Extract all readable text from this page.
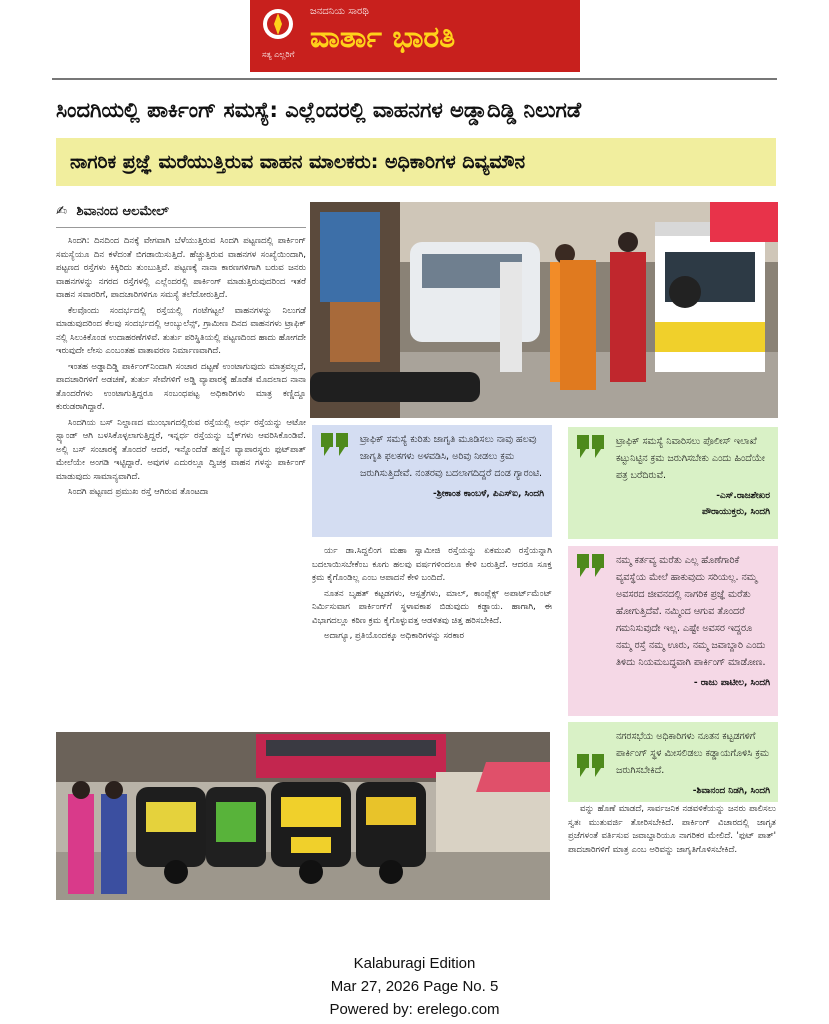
ಸತ್ಯ ಎಲ್ಲರಿಗೆ
ಜನದನಿಯ ಸಾರಥಿ
ವಾರ್ತಾ ಭಾರತಿ
ಸಿಂದಗಿಯಲ್ಲಿ ಪಾರ್ಕಿಂಗ್ ಸಮಸ್ಯೆ: ಎಲ್ಲೆಂದರಲ್ಲಿ ವಾಹನಗಳ ಅಡ್ಡಾದಿಡ್ಡಿ ನಿಲುಗಡೆ
ನಾಗರಿಕ ಪ್ರಜ್ಞೆ ಮರೆಯುತ್ತಿರುವ ವಾಹನ ಮಾಲಕರು: ಅಧಿಕಾರಿಗಳ ದಿವ್ಯಮೌನ
✍ ಶಿವಾನಂದ ಆಲಮೇಲ್

ಸಿಂದಗಿ: ದಿನದಿಂದ ದಿನಕ್ಕೆ ವೇಗವಾಗಿ ಬೆಳೆಯುತ್ತಿರುವ ಸಿಂದಗಿ ಪಟ್ಟಣದಲ್ಲಿ ಪಾರ್ಕಿಂಗ್ ಸಮಸ್ಯೆಯೂ ದಿನ ಕಳೆದಂತೆ ಬಿಗಡಾಯಿಸುತ್ತಿದೆ. ಹೆಚ್ಚುತ್ತಿರುವ ವಾಹನಗಳ ಸಂಖ್ಯೆಯಿಂದಾಗಿ, ಪಟ್ಟಣದ ರಸ್ತೆಗಳು ಕಿಕ್ಕಿರಿದು ತುಂಬುತ್ತಿವೆ. ಪಟ್ಟಣಕ್ಕೆ ನಾನಾ ಕಾರಣಗಳಿಗಾಗಿ ಬರುವ ಜನರು ವಾಹನಗಳನ್ನು ನಗರದ ರಸ್ತೆಗಳಲ್ಲಿ ಎಲ್ಲೆಂದರಲ್ಲಿ ಪಾರ್ಕಿಂಗ್ ಮಾಡುತ್ತಿರುವುದರಿಂದ ಇತರೆ ವಾಹನ ಸವಾರರಿಗೆ, ಪಾದಚಾರಿಗಳಿಗೂ ಸಮಸ್ಯೆ ತಲೆದೋರುತ್ತಿದೆ.

ಕೆಲವೊಂದು ಸಂದರ್ಭದಲ್ಲಿ ರಸ್ತೆಯಲ್ಲಿ ಗಂಟೆಗಟ್ಟಲೆ ವಾಹನಗಳನ್ನು ನಿಲುಗಡೆ ಮಾಡುವುದರಿಂದ ಕೆಲವು ಸಂದರ್ಭದಲ್ಲಿ ಆಂಬ್ಯುಲೆನ್ಸ್, ಗ್ರಾಮೀಣ ದಿನದ ವಾಹನಗಳು ಟ್ರಾಫಿಕ್ ನಲ್ಲಿ ಸಿಲುಕಿಕೊಂಡ ಉದಾಹರಣೆಗಳಿವೆ. ತುರ್ತು ಪರಿಸ್ಥಿತಿಯಲ್ಲಿ ಪಟ್ಟಣದಿಂದ ಹಾದು ಹೋಗದೇ ಇರುವುದೇ ಲೇಸು ಎಂಬಂತಹ ವಾತಾವರಣ ನಿರ್ಮಾಣವಾಗಿದೆ.

ಇಂತಹ ಅಡ್ಡಾದಿಡ್ಡಿ ಪಾರ್ಕಿಂಗ್‌ನಿಂದಾಗಿ ಸಂಚಾರ ದಟ್ಟಣೆ ಉಂಟಾಗುವುದು ಮಾತ್ರವಲ್ಲದೆ, ಪಾದಚಾರಿಗಳಿಗೆ ಅಡಚಣೆ, ತುರ್ತು ಸೇವೆಗಳಿಗೆ ಅಡ್ಡಿ ವ್ಯಾಪಾರಕ್ಕೆ ಹೊಡೆತ ಮೊದಲಾದ ನಾನಾ ತೊಂದರೆಗಳು ಉಂಟಾಗುತ್ತಿದ್ದರೂ ಸಂಬಂಧಪಟ್ಟ ಅಧಿಕಾರಿಗಳು ಮಾತ್ರ ಕಣ್ಣಿದ್ದೂ ಕುರುಡರಾಗಿದ್ದಾರೆ.

ಸಿಂದಗಿಯ ಬಸ್ ನಿಲ್ದಾಣದ ಮುಂಭಾಗದಲ್ಲಿರುವ ರಸ್ತೆಯಲ್ಲಿ ಅರ್ಧ ರಸ್ತೆಯನ್ನು ಆಟೋ ಸ್ಟ್ಯಾಂಡ್ ಆಗಿ ಬಳಸಿಕೊಳ್ಳಲಾಗುತ್ತಿದ್ದರೆ, ಇನ್ನರ್ಧ ರಸ್ತೆಯನ್ನು ಬೈಕ್‌ಗಳು ಆವರಿಸಿಕೊಂಡಿವೆ. ಅಲ್ಲಿ ಬಸ್ ಸಂಚಾರಕ್ಕೆ ತೊಂದರೆ ಆದರೆ, ಇನ್ನೊಂದೆಡೆ ಹಣ್ಣಿನ ವ್ಯಾಪಾರಸ್ಥರು ಫುಟ್‌ಪಾತ್ ಮೇಲೆಯೇ ಅಂಗಡಿ ಇಟ್ಟಿದ್ದಾರೆ. ಅವುಗಳ ಎದುರಲ್ಲೂ ದ್ವಿಚಕ್ರ ವಾಹನ ಗಳನ್ನು ಪಾರ್ಕಿಂಗ್ ಮಾಡುವುದು ಸಾಮಾನ್ಯವಾಗಿದೆ.

ಸಿಂದಗಿ ಪಟ್ಟಣದ ಪ್ರಮುಖ ರಸ್ತೆ ಆಗಿರುವ ತೊಂಟದಾ

ರ್ಯ ಡಾ.ಸಿದ್ದಲಿಂಗ ಮಹಾ ಸ್ವಾಮೀಜಿ ರಸ್ತೆಯನ್ನು ಏಕಮುಖಿ ರಸ್ತೆಯನ್ನಾಗಿ ಬದಲಾಯಿಸಬೇಕೆಂಬ ಕೂಗು ಹಲವು ವರ್ಷಗಳಿಂದಲೂ ಕೇಳಿ ಬರುತ್ತಿದೆ. ಆದರೂ ಸೂಕ್ತ ಕ್ರಮ ಕೈಗೊಂಡಿಲ್ಲ ಎಂಬ ಆಪಾದನೆ ಕೇಳಿ ಬಂದಿದೆ.

ನೂತನ ಬೃಹತ್ ಕಟ್ಟಡಗಳು, ಆಸ್ಪತ್ರೆಗಳು, ಮಾಲ್, ಕಾಂಪ್ಲೆಕ್ಸ್ ಅಪಾರ್ಟ್‌ಮೆಂಟ್ ನಿರ್ಮಿಸುವಾಗ ಪಾರ್ಕಿಂಗ್‌ಗೆ ಸ್ಥಳಾವಕಾಶ ಬಿಡುವುದು ಕಡ್ಡಾಯ. ಹಾಗಾಗಿ, ಈ ವಿಭಾಗದಲ್ಲೂ ಕಠಿಣ ಕ್ರಮ ಕೈಗೊಳ್ಳುವತ್ತ ಆಡಳಿತವು ಚಿತ್ತ ಹರಿಸಬೇಕಿದೆ.

ಅದಾಗ್ಯೂ, ಪ್ರತಿಯೊಂದಕ್ಕೂ ಅಧಿಕಾರಿಗಳನ್ನು ಸರಕಾರ

ಟ್ರಾಫಿಕ್ ಸಮಸ್ಯೆ ಕುರಿತು ಜಾಗೃತಿ ಮೂಡಿಸಲು ನಾವು ಹಲವು ಜಾಗೃತಿ ಫಲಕಗಳು ಅಳವಡಿಸಿ, ಅರಿವು ನೀಡಲು ಕ್ರಮ ಜರುಗಿಸುತ್ತಿದೇವೆ. ನಂತರವು ಬದಲಾಗದಿದ್ದರೆ ದಂಡ ಗ್ಯಾರಂಟಿ.
-ಶ್ರೀಕಾಂತ ಕಾಂಬಳೆ, ಪಿಎಸ್‌ಐ, ಸಿಂದಗಿ
ಟ್ರಾಫಿಕ್ ಸಮಸ್ಯೆ ನಿವಾರಿಸಲು ಪೊಲೀಸ್ ಇಲಾಖೆ ಕಟ್ಟುನಿಟ್ಟಿನ ಕ್ರಮ ಜರುಗಿಸಬೇಕು ಎಂದು ಹಿಂದೆಯೇ ಪತ್ರ ಬರೆದಿರುವೆ.
-ಎಸ್.ರಾಜಶೇಖರ
ಪೌರಾಯುಕ್ತರು, ಸಿಂದಗಿ
ನಮ್ಮ ಕರ್ತವ್ಯ ಮರೆತು ಎಲ್ಲ ಹೊಣೆಗಾರಿಕೆ ವ್ಯವಸ್ಥೆಯ ಮೇಲೆ ಹಾಕುವುದು ಸರಿಯಲ್ಲ. ನಮ್ಮ ಅವಸರದ ಜೀವನದಲ್ಲಿ ನಾಗರಿಕ ಪ್ರಜ್ಞೆ ಮರೆತು ಹೋಗುತ್ತಿದೆವೆ. ನಮ್ಮಿಂದ ಆಗುವ ತೊಂದರೆ ಗಮನಿಸುವುದೇ ಇಲ್ಲ. ಎಷ್ಟೇ ಅವಸರ ಇದ್ದರೂ ನಮ್ಮ ರಸ್ತೆ ನಮ್ಮ ಊರು, ನಮ್ಮ ಜವಾಬ್ದಾರಿ ಎಂದು ತಿಳಿದು ನಿಯಮಬದ್ಧವಾಗಿ ಪಾರ್ಕಿಂಗ್ ಮಾಡೋಣ.
- ರಾಜು ಪಾಟೀಲ, ಸಿಂದಗಿ
ನಗರಸಭೆಯ ಅಧಿಕಾರಿಗಳು ನೂತನ ಕಟ್ಟಡಗಳಿಗೆ ಪಾರ್ಕಿಂಗ್ ಸ್ಥಳ ಮೀಸಲಿಡಲು ಕಡ್ಡಾಯಗೊಳಿಸಿ ಕ್ರಮ ಜರುಗಿಸಬೇಕಿದೆ.
-ಶಿವಾನಂದ ನಿಡಗಿ, ಸಿಂದಗಿ

ವನ್ನು ಹೊಣೆ ಮಾಡದೆ, ಸಾರ್ವಜನಿಕ ನಡವಳಿಕೆಯನ್ನು ಜನರು ಪಾಲಿಸಲು ಸ್ವತಃ ಮುತುವರ್ಜಿ ತೋರಿಸಬೇಕಿದೆ. ಪಾರ್ಕಿಂಗ್ ವಿಚಾರದಲ್ಲಿ ಜಾಗೃತ ಪ್ರಜೆಗಳಂತೆ ವರ್ತಿಸುವ ಜವಾಬ್ದಾರಿಯೂ ನಾಗರಿಕರ ಮೇಲಿದೆ. 'ಫುಟ್ ಪಾತ್' ಪಾದಚಾರಿಗಳಿಗೆ ಮಾತ್ರ ಎಂಬ ಅರಿವನ್ನು ಜಾಗೃತಿಗೊಳಿಸಬೇಕಿದೆ.

Kalaburagi Edition
Mar 27, 2026 Page No. 5
Powered by: erelego.com
